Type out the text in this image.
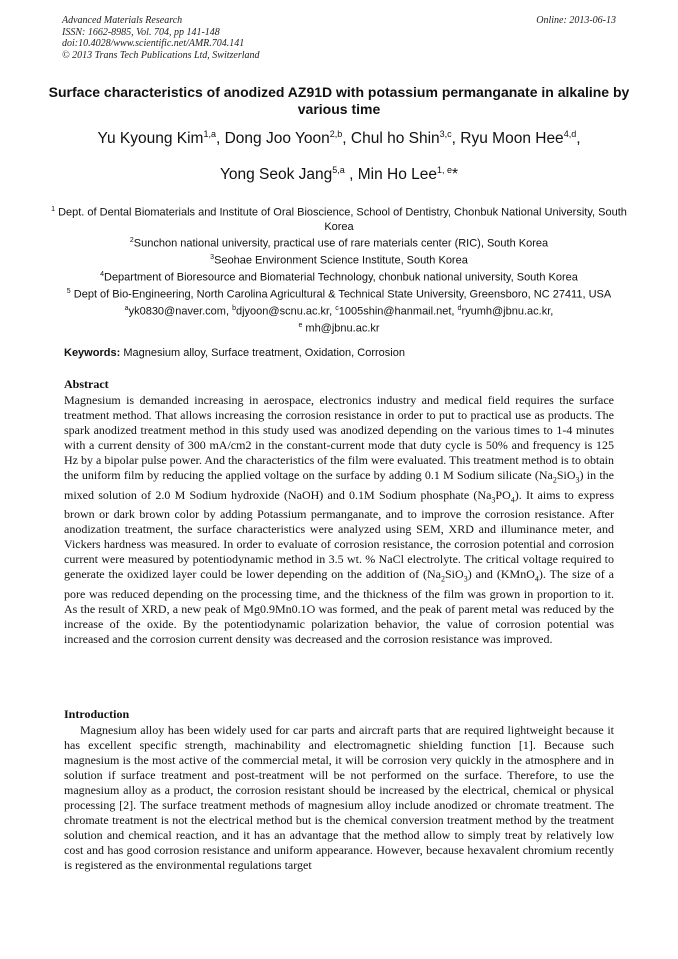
Advanced Materials Research
ISSN: 1662-8985, Vol. 704, pp 141-148
doi:10.4028/www.scientific.net/AMR.704.141
© 2013 Trans Tech Publications Ltd, Switzerland
Online: 2013-06-13
Surface characteristics of anodized AZ91D with potassium permanganate in alkaline by various time
Yu Kyoung Kim$^{1,a}$, Dong Joo Yoon$^{2,b}$, Chul ho Shin$^{3,c}$, Ryu Moon Hee$^{4,d}$,
Yong Seok Jang$^{5,a}$ , Min Ho Lee$^{1, e}$*
$^1$ Dept. of Dental Biomaterials and Institute of Oral Bioscience, School of Dentistry, Chonbuk National University, South Korea
$^2$Sunchon national university, practical use of rare materials center (RIC), South Korea
$^3$Seohae Environment Science Institute, South Korea
$^4$Department of Bioresource and Biomaterial Technology, chonbuk national university, South Korea
$^5$ Dept of Bio-Engineering, North Carolina Agricultural & Technical State University, Greensboro, NC 27411, USA
$^a$yk0830@naver.com, $^b$djyoon@scnu.ac.kr, $^c$1005shin@hanmail.net, $^d$ryumh@jbnu.ac.kr,
$^e$ mh@jbnu.ac.kr
Keywords: Magnesium alloy, Surface treatment, Oxidation, Corrosion
Abstract
Magnesium is demanded increasing in aerospace, electronics industry and medical field requires the surface treatment method. That allows increasing the corrosion resistance in order to put to practical use as products. The spark anodized treatment method in this study used was anodized depending on the various times to 1-4 minutes with a current density of 300 mA/cm2 in the constant-current mode that duty cycle is 50% and frequency is 125 Hz by a bipolar pulse power. And the characteristics of the film were evaluated. This treatment method is to obtain the uniform film by reducing the applied voltage on the surface by adding 0.1 M Sodium silicate $(Na_2SiO_3)$ in the mixed solution of 2.0 M Sodium hydroxide (NaOH) and 0.1M Sodium phosphate $(Na_3PO_4)$. It aims to express brown or dark brown color by adding Potassium permanganate, and to improve the corrosion resistance. After anodization treatment, the surface characteristics were analyzed using SEM, XRD and illuminance meter, and Vickers hardness was measured. In order to evaluate of corrosion resistance, the corrosion potential and corrosion current were measured by potentiodynamic method in 3.5 wt. % NaCl electrolyte. The critical voltage required to generate the oxidized layer could be lower depending on the addition of $(Na_2SiO_3)$ and (KMnO$_4$). The size of a pore was reduced depending on the processing time, and the thickness of the film was grown in proportion to it. As the result of XRD, a new peak of Mg0.9Mn0.1O was formed, and the peak of parent metal was reduced by the increase of the oxide. By the potentiodynamic polarization behavior, the value of corrosion potential was increased and the corrosion current density was decreased and the corrosion resistance was improved.
Introduction
Magnesium alloy has been widely used for car parts and aircraft parts that are required lightweight because it has excellent specific strength, machinability and electromagnetic shielding function [1]. Because such magnesium is the most active of the commercial metal, it will be corrosion very quickly in the atmosphere and in solution if surface treatment and post-treatment will be not performed on the surface. Therefore, to use the magnesium alloy as a product, the corrosion resistant should be increased by the electrical, chemical or physical processing [2]. The surface treatment methods of magnesium alloy include anodized or chromate treatment. The chromate treatment is not the electrical method but is the chemical conversion treatment method by the treatment solution and chemical reaction, and it has an advantage that the method allow to simply treat by relatively low cost and has good corrosion resistance and uniform appearance. However, because hexavalent chromium recently is registered as the environmental regulations target
